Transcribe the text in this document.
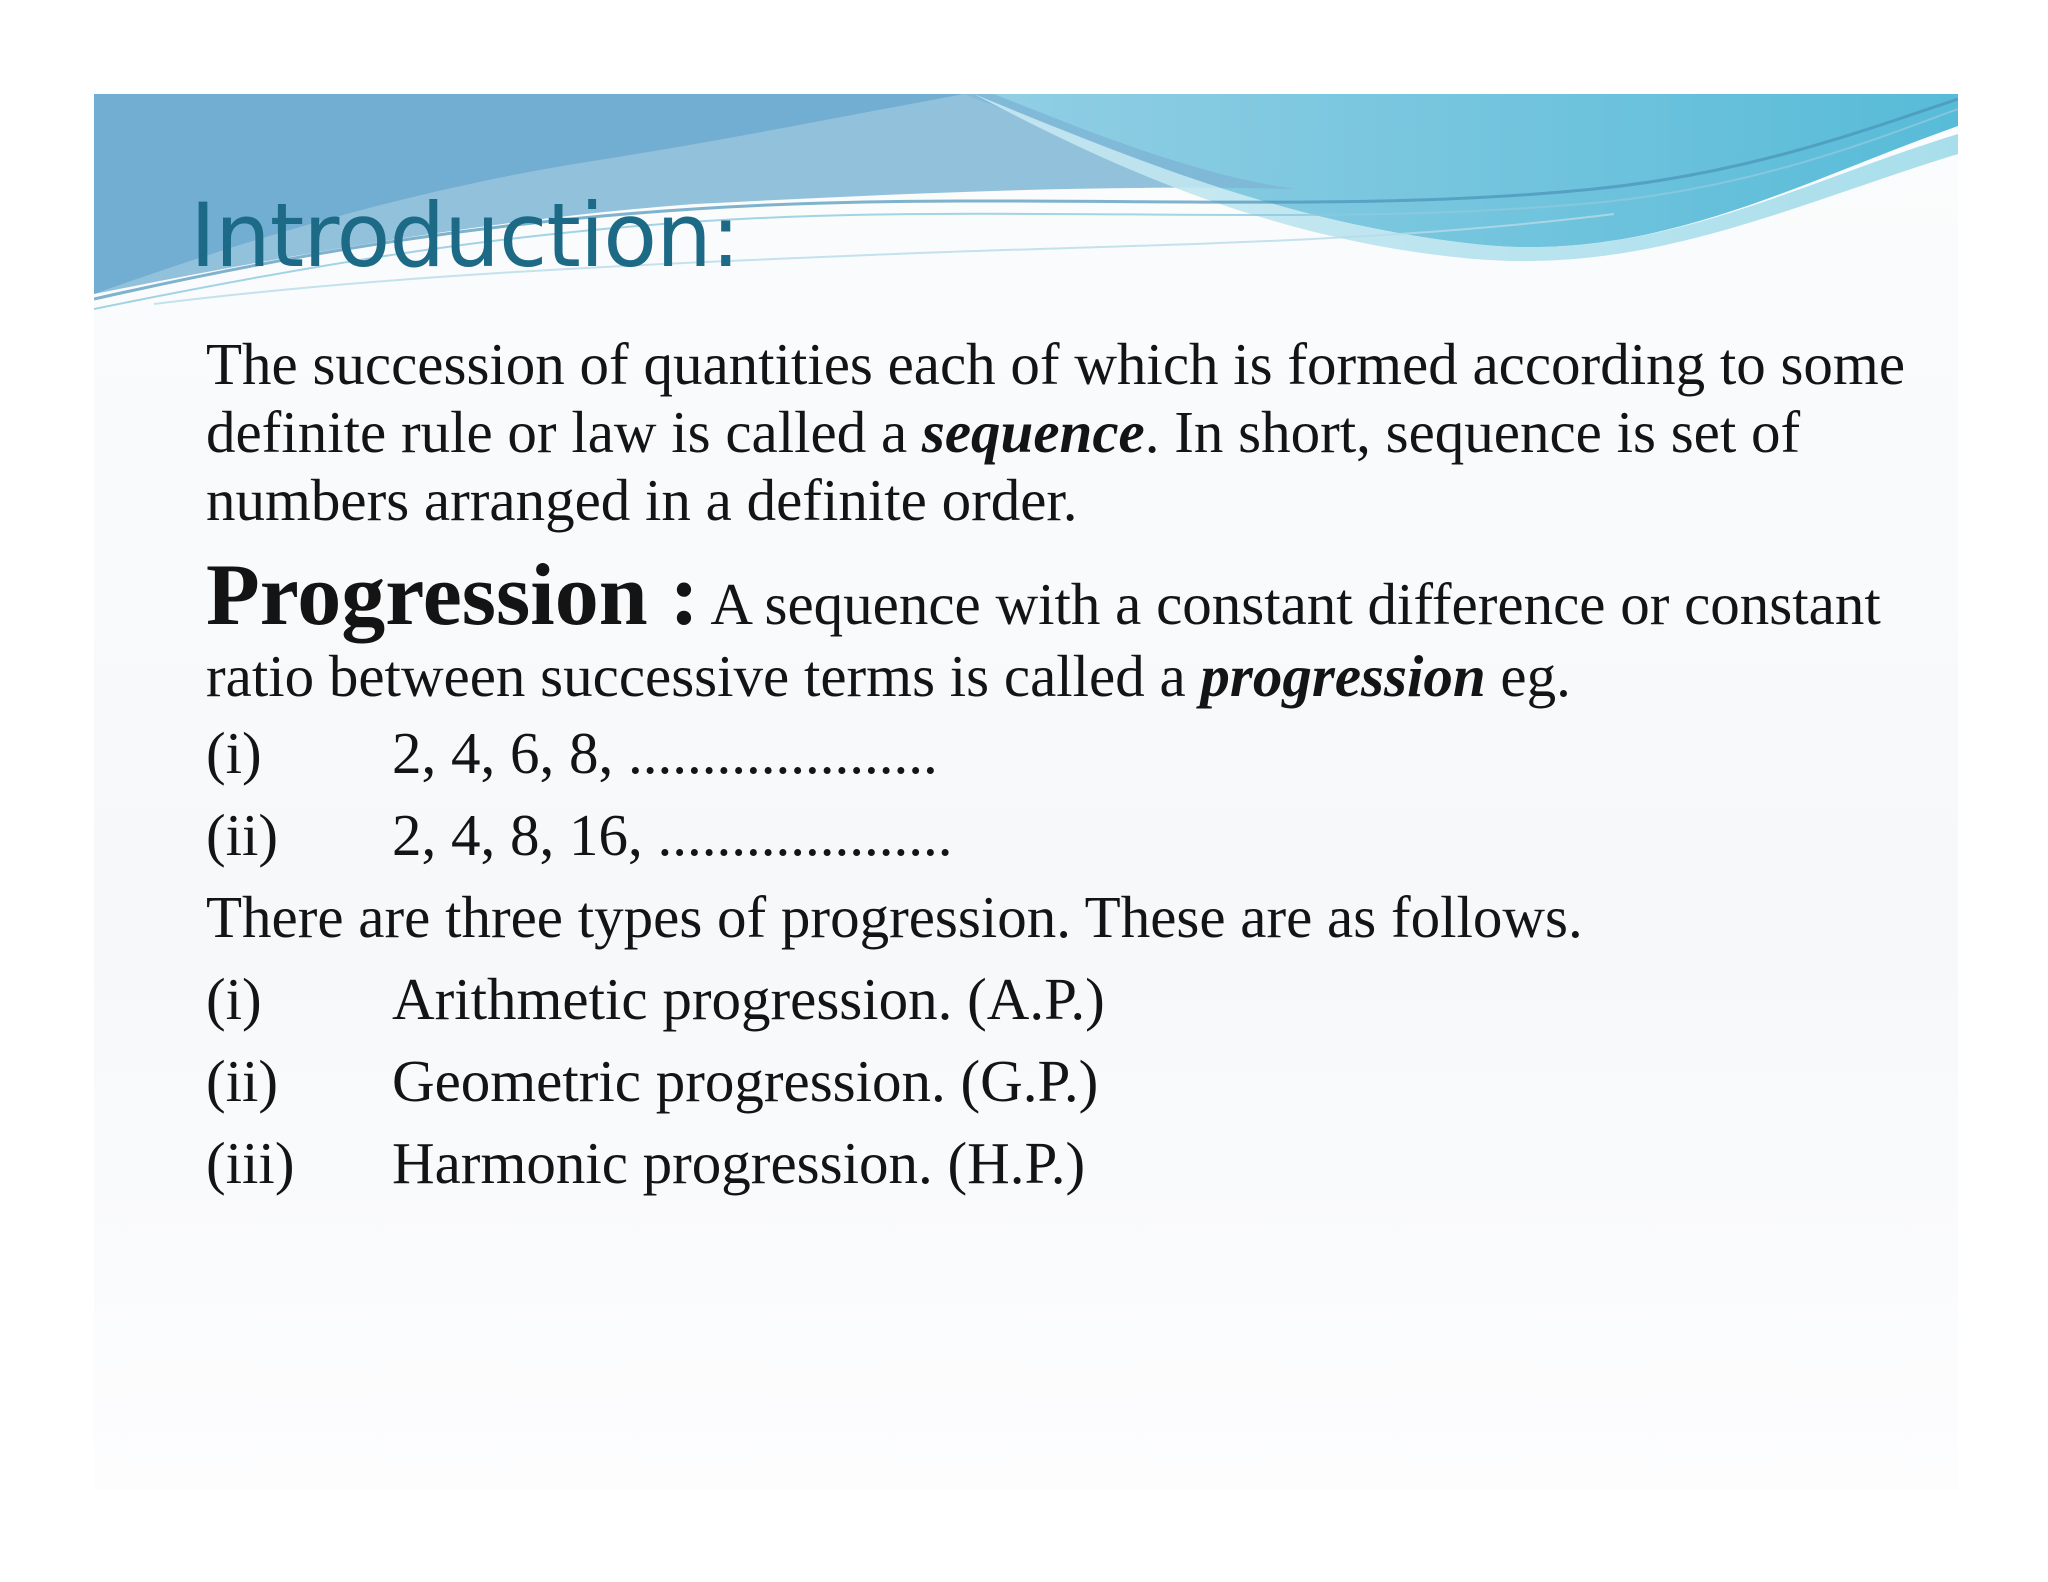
Introduction:

The succession of quantities each of which is formed according to some definite rule or law is called a sequence. In short, sequence is set of numbers arranged in a definite order.

Progression : A sequence with a constant difference or constant ratio between successive terms is called a progression eg.

(i)	2, 4, 6, 8, .....................
(ii)	2, 4, 8, 16, ....................

There are three types of progression. These are as follows.

(i)	Arithmetic progression. (A.P.)
(ii)	Geometric progression. (G.P.)
(iii)	Harmonic progression. (H.P.)
